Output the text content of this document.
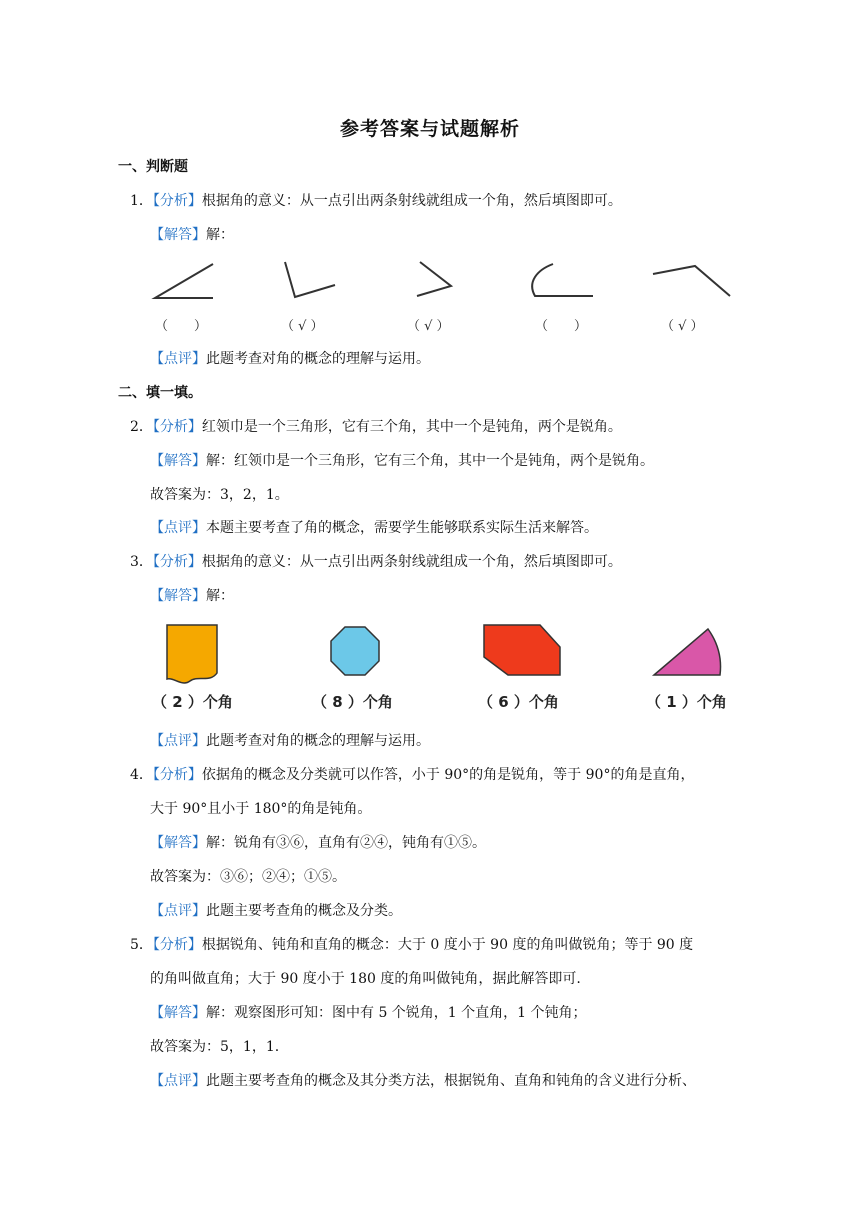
参考答案与试题解析
一、判断题
1．【分析】根据角的意义：从一点引出两条射线就组成一个角，然后填图即可。
【解答】解：
（　　）	（ √ ）	（ √ ）	（　　）	（ √ ）
【点评】此题考查对角的概念的理解与运用。
二、填一填。
2．【分析】红领巾是一个三角形，它有三个角，其中一个是钝角，两个是锐角。
【解答】解：红领巾是一个三角形，它有三个角，其中一个是钝角，两个是锐角。
故答案为：3，2，1。
【点评】本题主要考查了角的概念，需要学生能够联系实际生活来解答。
3．【分析】根据角的意义：从一点引出两条射线就组成一个角，然后填图即可。
【解答】解：
（ 2 ）个角	（ 8 ）个角	（ 6 ）个角	（ 1 ）个角
【点评】此题考查对角的概念的理解与运用。
4．【分析】依据角的概念及分类就可以作答，小于 90°的角是锐角，等于 90°的角是直角，
大于 90°且小于 180°的角是钝角。
【解答】解：锐角有③⑥，直角有②④，钝角有①⑤。
故答案为：③⑥；②④；①⑤。
【点评】此题主要考查角的概念及分类。
5．【分析】根据锐角、钝角和直角的概念：大于 0 度小于 90 度的角叫做锐角；等于 90 度
的角叫做直角；大于 90 度小于 180 度的角叫做钝角，据此解答即可.
【解答】解：观察图形可知：图中有 5 个锐角，1 个直角，1 个钝角；
故答案为：5，1，1.
【点评】此题主要考查角的概念及其分类方法，根据锐角、直角和钝角的含义进行分析、
